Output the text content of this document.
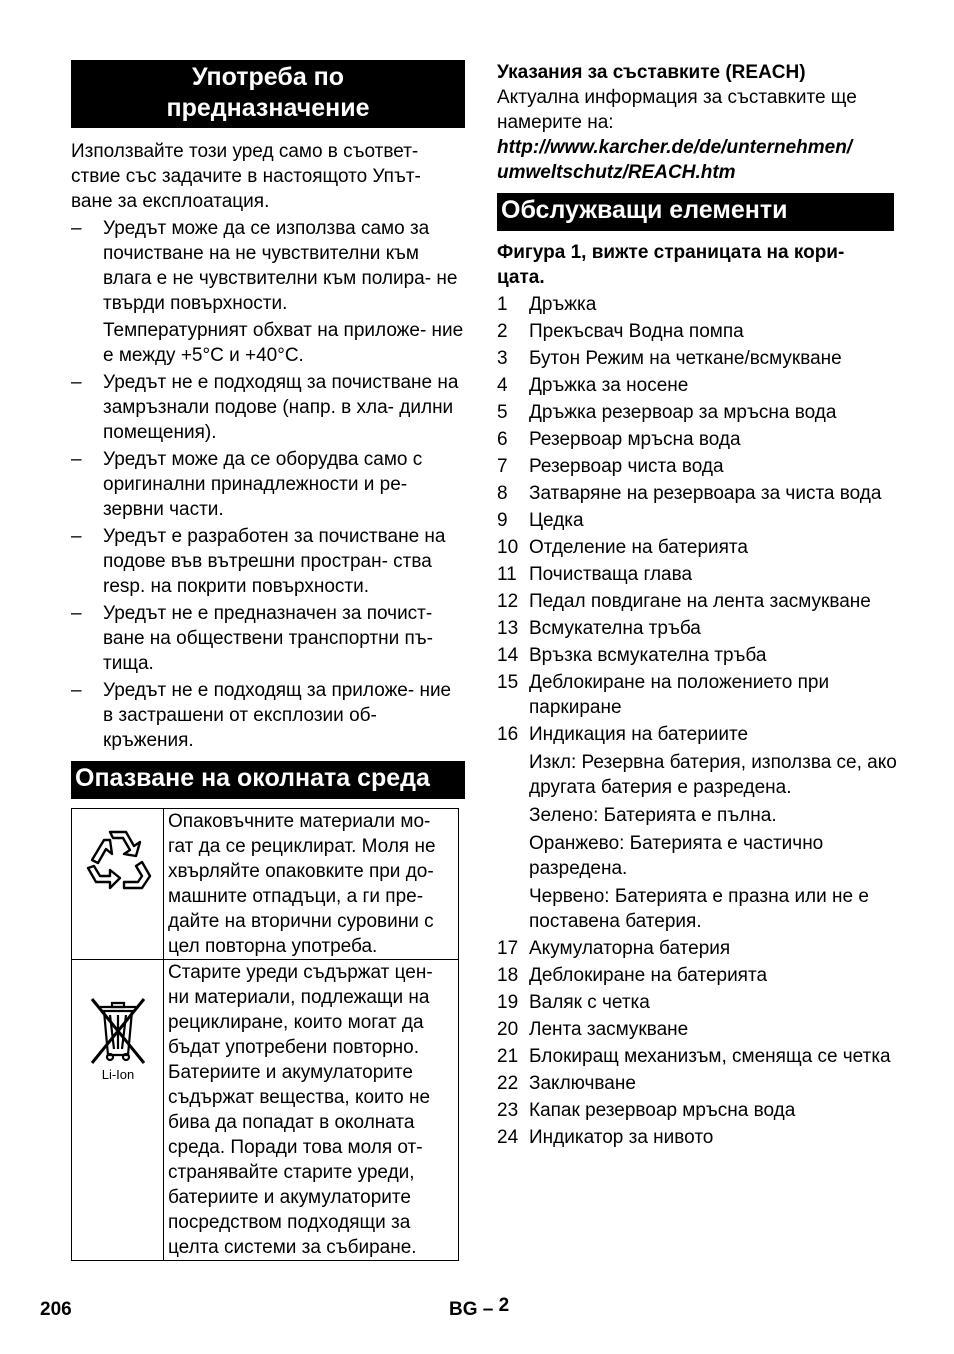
Употреба по
предназначение

Използвайте този уред само в съответ- ствие със задачите в настоящото Упът- ване за експлоатация.

– Уредът може да се използва само за почистване на не чувствителни към влага е не чувствителни към полира- не твърди повърхности.

Температурният обхват на приложе- ние е между +5°C и +40°C.

– Уредът не е подходящ за почистване на замръзнали подове (напр. в хла- дилни помещения).

– Уредът може да се оборудва само с оригинални принадлежности и ре- зервни части.

– Уредът е разработен за почистване на подове във вътрешни простран- ства resp. на покрити повърхности.

– Уредът не е предназначен за почист- ване на обществени транспортни пъ- тища.

– Уредът не е подходящ за приложе- ние в застрашени от експлозии об- кръжения.

Опазване на околната среда
	Опаковъчните материали мо- гат да се рециклират. Моля не хвърляйте опаковките при до- машните отпадъци, а ги пре- дайте на вторични суровини с цел повторна употреба.

Li-Ion	Старите уреди съдържат цен- ни материали, подлежащи на рециклиране, които могат да бъдат употребени повторно. Батериите и акумулаторите съдържат вещества, които не бива да попадат в околната среда. Поради това моля от- странявайте старите уреди, батериите и акумулаторите посредством подходящи за целта системи за събиране.

Указания за съставките (REACH)

Актуална информация за съставките ще намерите на:

http://www.karcher.de/de/unternehmen/ umweltschutz/REACH.htm

Обслужващи елементи

Фигура 1, вижте страницата на кори- цата.

1 Дръжка

2 Прекъсвач Водна помпа

3 Бутон Режим на четкане/всмукване

4 Дръжка за носене

5 Дръжка резервоар за мръсна вода

6 Резервоар мръсна вода

7 Резервоар чиста вода

8 Затваряне на резервоара за чиста вода

9 Цедка

10 Отделение на батерията

11 Почистваща глава

12 Педал повдигане на лента засмукване

13 Всмукателна тръба

14 Връзка всмукателна тръба

15 Деблокиране на положението при паркиране

16 Индикация на батериите

Изкл: Резервна батерия, използва се, ако другата батерия е разредена.

Зелено: Батерията е пълна.

Оранжево: Батерията е частично разредена.

Червено: Батерията е празна или не е поставена батерия.

17 Акумулаторна батерия

18 Деблокиране на батерията

19 Валяк с четка

20 Лента засмукване

21 Блокиращ механизъм, сменяща се четка

22 Заключване

23 Капак резервоар мръсна вода

24 Индикатор за нивото

206	BG – 2
